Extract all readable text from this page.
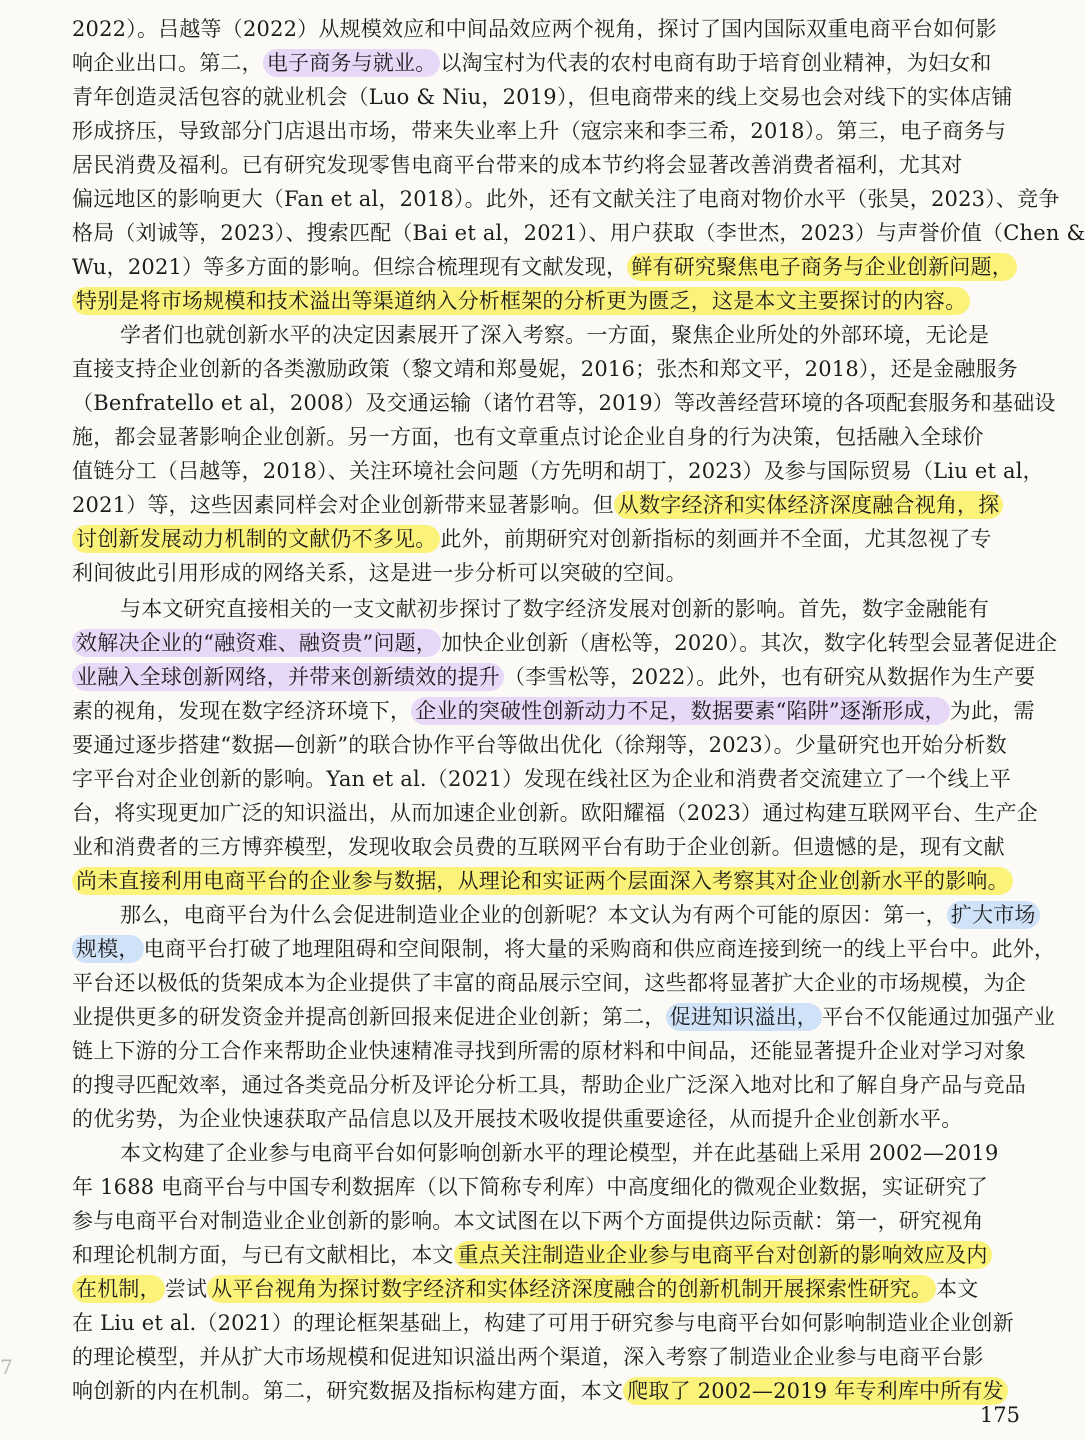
2022）。吕越等（2022）从规模效应和中间品效应两个视角，探讨了国内国际双重电商平台如何影
响企业出口。第二， 电子商务与就业。 以淘宝村为代表的农村电商有助于培育创业精神，为妇女和
青年创造灵活包容的就业机会（Luo & Niu，2019），但电商带来的线上交易也会对线下的实体店铺
形成挤压，导致部分门店退出市场，带来失业率上升（寇宗来和李三希，2018）。第三，电子商务与
居民消费及福利。已有研究发现零售电商平台带来的成本节约将会显著改善消费者福利，尤其对
偏远地区的影响更大（Fan et al，2018）。此外，还有文献关注了电商对物价水平（张昊，2023）、竞争
格局（刘诚等，2023）、搜索匹配（Bai et al，2021）、用户获取（李世杰，2023）与声誉价值（Chen &
Wu，2021）等多方面的影响。但综合梳理现有文献发现， 鲜有研究聚焦电子商务与企业创新问题，
特别是将市场规模和技术溢出等渠道纳入分析框架的分析更为匮乏，这是本文主要探讨的内容。
学者们也就创新水平的决定因素展开了深入考察。一方面，聚焦企业所处的外部环境，无论是
直接支持企业创新的各类激励政策（黎文靖和郑曼妮，2016；张杰和郑文平，2018），还是金融服务
（Benfratello et al，2008）及交通运输（诸竹君等，2019）等改善经营环境的各项配套服务和基础设
施，都会显著影响企业创新。另一方面，也有文章重点讨论企业自身的行为决策，包括融入全球价
值链分工（吕越等，2018）、关注环境社会问题（方先明和胡丁，2023）及参与国际贸易（Liu et al，
2021）等，这些因素同样会对企业创新带来显著影响。但 从数字经济和实体经济深度融合视角，探
讨创新发展动力机制的文献仍不多见。 此外，前期研究对创新指标的刻画并不全面，尤其忽视了专
利间彼此引用形成的网络关系，这是进一步分析可以突破的空间。
与本文研究直接相关的一支文献初步探讨了数字经济发展对创新的影响。首先，数字金融能有
效解决企业的“融资难、融资贵”问题， 加快企业创新（唐松等，2020）。其次，数字化转型会显著促进企
业融入全球创新网络，并带来创新绩效的提升 （李雪松等，2022）。此外，也有研究从数据作为生产要
素的视角，发现在数字经济环境下， 企业的突破性创新动力不足，数据要素“陷阱”逐渐形成， 为此，需
要通过逐步搭建“数据—创新”的联合协作平台等做出优化（徐翔等，2023）。少量研究也开始分析数
字平台对企业创新的影响。Yan et al.（2021）发现在线社区为企业和消费者交流建立了一个线上平
台，将实现更加广泛的知识溢出，从而加速企业创新。欧阳耀福（2023）通过构建互联网平台、生产企
业和消费者的三方博弈模型，发现收取会员费的互联网平台有助于企业创新。但遗憾的是，现有文献
尚未直接利用电商平台的企业参与数据，从理论和实证两个层面深入考察其对企业创新水平的影响。
那么，电商平台为什么会促进制造业企业的创新呢？本文认为有两个可能的原因：第一， 扩大市场
规模， 电商平台打破了地理阻碍和空间限制，将大量的采购商和供应商连接到统一的线上平台中。此外，
平台还以极低的货架成本为企业提供了丰富的商品展示空间，这些都将显著扩大企业的市场规模，为企
业提供更多的研发资金并提高创新回报来促进企业创新；第二， 促进知识溢出， 平台不仅能通过加强产业
链上下游的分工合作来帮助企业快速精准寻找到所需的原材料和中间品，还能显著提升企业对学习对象
的搜寻匹配效率，通过各类竞品分析及评论分析工具，帮助企业广泛深入地对比和了解自身产品与竞品
的优劣势，为企业快速获取产品信息以及开展技术吸收提供重要途径，从而提升企业创新水平。
本文构建了企业参与电商平台如何影响创新水平的理论模型，并在此基础上采用 2002—2019
年 1688 电商平台与中国专利数据库（以下简称专利库）中高度细化的微观企业数据，实证研究了
参与电商平台对制造业企业创新的影响。本文试图在以下两个方面提供边际贡献：第一，研究视角
和理论机制方面，与已有文献相比，本文 重点关注制造业企业参与电商平台对创新的影响效应及内
在机制， 尝试 从平台视角为探讨数字经济和实体经济深度融合的创新机制开展探索性研究。 本文
在 Liu et al.（2021）的理论框架基础上，构建了可用于研究参与电商平台如何影响制造业企业创新
的理论模型，并从扩大市场规模和促进知识溢出两个渠道，深入考察了制造业企业参与电商平台影
响创新的内在机制。第二，研究数据及指标构建方面，本文 爬取了 2002—2019 年专利库中所有发
7
175
